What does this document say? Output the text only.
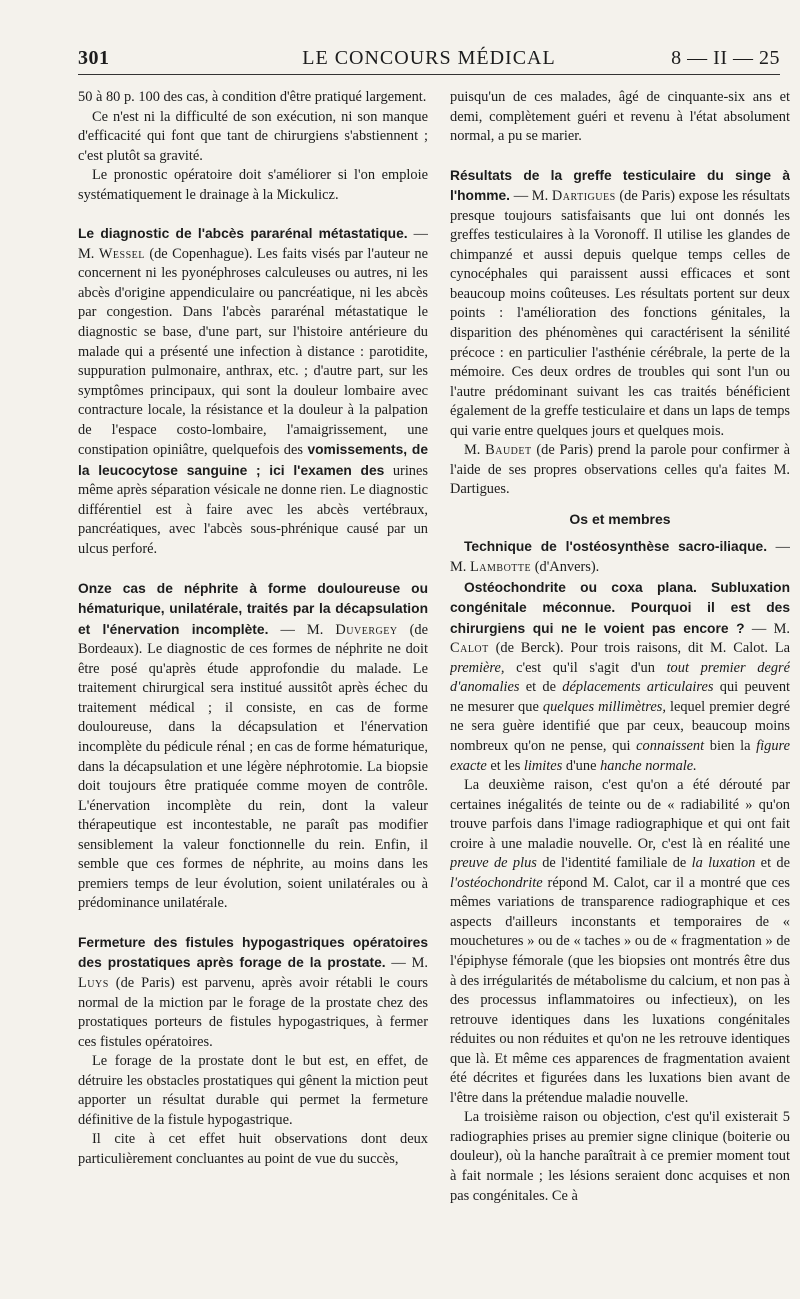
301	LE CONCOURS MÉDICAL	8 — II — 25

50 à 80 p. 100 des cas, à condition d'être pratiqué largement.

Ce n'est ni la difficulté de son exécution, ni son manque d'efficacité qui font que tant de chirurgiens s'abstiennent ; c'est plutôt sa gravité.

Le pronostic opératoire doit s'améliorer si l'on emploie systématiquement le drainage à la Mickulicz.

Le diagnostic de l'abcès pararénal métastatique. — M. Wessel (de Copenhague). Les faits visés par l'auteur ne concernent ni les pyonéphroses calculeuses ou autres, ni les abcès d'origine appendiculaire ou pancréatique, ni les abcès par congestion. Dans l'abcès pararénal métastatique le diagnostic se base, d'une part, sur l'histoire antérieure du malade qui a présenté une infection à distance : parotidite, suppuration pulmonaire, anthrax, etc. ; d'autre part, sur les symptômes principaux, qui sont la douleur lombaire avec contracture locale, la résistance et la douleur à la palpation de l'espace costo-lombaire, l'amaigrissement, une constipation opiniâtre, quelquefois des vomissements, de la leucocytose sanguine ; ici l'examen des urines même après séparation vésicale ne donne rien. Le diagnostic différentiel est à faire avec les abcès vertébraux, pancréatiques, avec l'abcès sous-phrénique causé par un ulcus perforé.

Onze cas de néphrite à forme douloureuse ou hématurique, unilatérale, traités par la décapsulation et l'énervation incomplète. — M. Duvergey (de Bordeaux). Le diagnostic de ces formes de néphrite ne doit être posé qu'après étude approfondie du malade. Le traitement chirurgical sera institué aussitôt après échec du traitement médical ; il consiste, en cas de forme douloureuse, dans la décapsulation et l'énervation incomplète du pédicule rénal ; en cas de forme hématurique, dans la décapsulation et une légère néphrotomie. La biopsie doit toujours être pratiquée comme moyen de contrôle. L'énervation incomplète du rein, dont la valeur thérapeutique est incontestable, ne paraît pas modifier sensiblement la valeur fonctionnelle du rein. Enfin, il semble que ces formes de néphrite, au moins dans les premiers temps de leur évolution, soient unilatérales ou à prédominance unilatérale.

Fermeture des fistules hypogastriques opératoires des prostatiques après forage de la prostate. — M. Luys (de Paris) est parvenu, après avoir rétabli le cours normal de la miction par le forage de la prostate chez des prostatiques porteurs de fistules hypogastriques, à fermer ces fistules opératoires.

Le forage de la prostate dont le but est, en effet, de détruire les obstacles prostatiques qui gênent la miction peut apporter un résultat durable qui permet la fermeture définitive de la fistule hypogastrique.

Il cite à cet effet huit observations dont deux particulièrement concluantes au point de vue du succès,

puisqu'un de ces malades, âgé de cinquante-six ans et demi, complètement guéri et revenu à l'état absolument normal, a pu se marier.

Résultats de la greffe testiculaire du singe à l'homme. — M. Dartigues (de Paris) expose les résultats presque toujours satisfaisants que lui ont donnés les greffes testiculaires à la Voronoff. Il utilise les glandes de chimpanzé et aussi depuis quelque temps celles de cynocéphales qui paraissent aussi efficaces et sont beaucoup moins coûteuses. Les résultats portent sur deux points : l'amélioration des fonctions génitales, la disparition des phénomènes qui caractérisent la sénilité précoce : en particulier l'asthénie cérébrale, la perte de la mémoire. Ces deux ordres de troubles qui sont l'un ou l'autre prédominant suivant les cas traités bénéficient également de la greffe testiculaire et dans un laps de temps qui varie entre quelques jours et quelques mois.

M. Baudet (de Paris) prend la parole pour confirmer à l'aide de ses propres observations celles qu'a faites M. Dartigues.

Os et membres

Technique de l'ostéosynthèse sacro-iliaque. — M. Lambotte (d'Anvers).

Ostéochondrite ou coxa plana. Subluxation congénitale méconnue. Pourquoi il est des chirurgiens qui ne le voient pas encore ? — M. Calot (de Berck). Pour trois raisons, dit M. Calot. La première, c'est qu'il s'agit d'un tout premier degré d'anomalies et de déplacements articulaires qui peuvent ne mesurer que quelques millimètres, lequel premier degré ne sera guère identifié que par ceux, beaucoup moins nombreux qu'on ne pense, qui connaissent bien la figure exacte et les limites d'une hanche normale.

La deuxième raison, c'est qu'on a été dérouté par certaines inégalités de teinte ou de « radiabilité » qu'on trouve parfois dans l'image radiographique et qui ont fait croire à une maladie nouvelle. Or, c'est là en réalité une preuve de plus de l'identité familiale de la luxation et de l'ostéochondrite répond M. Calot, car il a montré que ces mêmes variations de transparence radiographique et ces aspects d'ailleurs inconstants et temporaires de « mouchetures » ou de « taches » ou de « fragmentation » de l'épiphyse fémorale (que les biopsies ont montrés être dus à des irrégularités de métabolisme du calcium, et non pas à des processus inflammatoires ou infectieux), on les retrouve identiques dans les luxations congénitales réduites ou non réduites et qu'on ne les retrouve identiques que là. Et même ces apparences de fragmentation avaient été décrites et figurées dans les luxations bien avant de l'être dans la prétendue maladie nouvelle.

La troisième raison ou objection, c'est qu'il existerait 5 radiographies prises au premier signe clinique (boiterie ou douleur), où la hanche paraîtrait à ce premier moment tout à fait normale ; les lésions seraient donc acquises et non pas congénitales. Ce à
